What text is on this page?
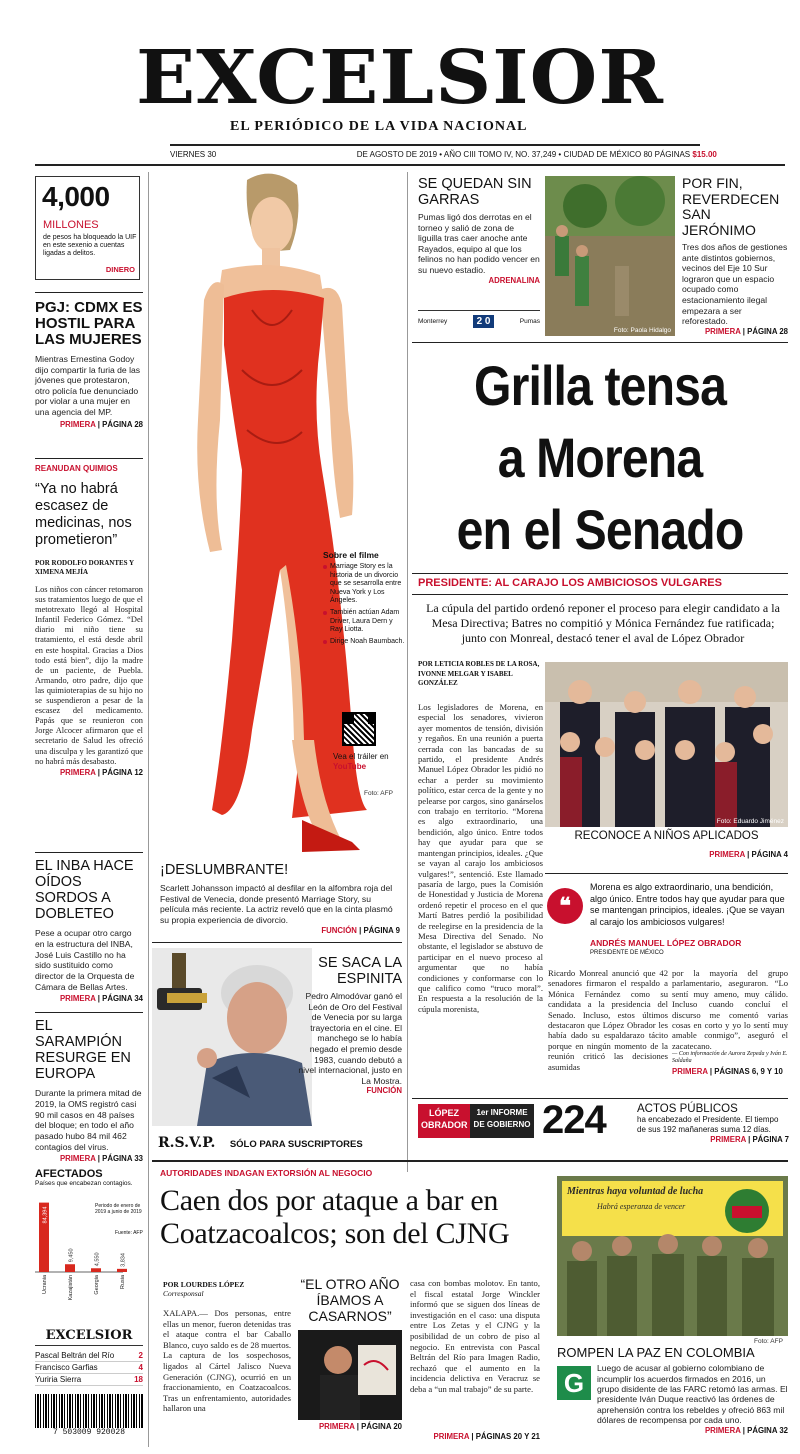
EXCELSIOR
EL PERIÓDICO DE LA VIDA NACIONAL
VIERNES 30	DE AGOSTO DE 2019 • AÑO CIII TOMO IV, NO. 37,249 • CIUDAD DE MÉXICO 80 PÁGINAS $15.00
4,000
MILLONES
de pesos ha bloqueado la UIF en este sexenio a cuentas ligadas a delitos.
DINERO
PGJ: CDMX ES HOSTIL PARA LAS MUJERES
Mientras Ernestina Godoy dijo compartir la furia de las jóvenes que protestaron, otro policía fue denunciado por violar a una mujer en una agencia del MP.
PRIMERA | PÁGINA 28
REANUDAN QUIMIOS
“Ya no habrá escasez de medicinas, nos prometieron”
POR RODOLFO DORANTES Y XIMENA MEJÍA
Los niños con cáncer retomaron sus tratamientos luego de que el metotrexato llegó al Hospital Infantil Federico Gómez. “Del diario mi niño tiene su tratamiento, el está desde abril en este hospital. Gracias a Dios todo está bien”, dijo la madre de un paciente, de Puebla. Armando, otro padre, dijo que las quimioterapias de su hijo no se suspendieron a pesar de la escasez del medicamento. Papás que se reunieron con Jorge Alcocer afirmaron que el secretario de Salud les ofreció una disculpa y les garantizó que no habrá más desabasto.
PRIMERA | PÁGINA 12
EL INBA HACE OÍDOS SORDOS A DOBLETEO
Pese a ocupar otro cargo en la estructura del INBA, José Luis Castillo no ha sido sustituido como director de la Orquesta de Cámara de Bellas Artes.
PRIMERA | PÁGINA 34
EL SARAMPIÓN RESURGE EN EUROPA
Durante la primera mitad de 2019, la OMS registró casi 90 mil casos en 48 países del bloque; en todo el año pasado hubo 84 mil 462 contagios del virus.
PRIMERA | PÁGINA 33
AFECTADOS
Países que encabezan contagios.
Periodo de enero de 2019 a junio de 2019
Fuente: AFP
84,394
Ucrania
9,450
Kazajistán
4,550
Georgia
3,834
Rusia
EXCELSIOR
Pascal Beltrán del Río	2
Francisco Garfias	4
Yuriria Sierra	18
7 503009 920028
Sobre el filme
Marriage Story es la historia de un divorcio que se sesarrolla entre Nueva York y Los Ángeles.
También actúan Adam Driver, Laura Dern y Ray Liotta.
Dirige Noah Baumbach.
Vea el tráiler en
YouTube
Foto: AFP
¡DESLUMBRANTE!
Scarlett Johansson impactó al desfilar en la alfombra roja del Festival de Venecia, donde presentó Marriage Story, su película más reciente. La actriz reveló que en la cinta plasmó su propia experiencia de divorcio.
FUNCIÓN | PÁGINA 9
SE SACA LA ESPINITA
Pedro Almodóvar ganó el León de Oro del Festival de Venecia por su larga trayectoria en el cine. El manchego se lo había negado el premio desde 1983, cuando debutó a nivel internacional, justo en La Mostra.
FUNCIÓN
R.S.V.P. SÓLO PARA SUSCRIPTORES
SE QUEDAN SIN GARRAS
Pumas ligó dos derrotas en el torneo y salió de zona de liguilla tras caer anoche ante Rayados, equipo al que los felinos no han podido vencer en su nuevo estadio.
ADRENALINA
Monterrey	2 0	Pumas
Foto: Paola Hidalgo
POR FIN, REVERDECEN SAN JERÓNIMO
Tres dos años de gestiones ante distintos gobiernos, vecinos del Eje 10 Sur lograron que un espacio ocupado como estacionamiento ilegal empezara a ser reforestado.
PRIMERA | PÁGINA 28
Grilla tensa
a Morena
en el Senado
PRESIDENTE: AL CARAJO LOS AMBICIOSOS VULGARES
La cúpula del partido ordenó reponer el proceso para elegir candidato a la Mesa Directiva; Batres no compitió y Mónica Fernández fue ratificada; junto con Monreal, destacó tener el aval de López Obrador
POR LETICIA ROBLES DE LA ROSA, IVONNE MELGAR Y ISABEL GONZÁLEZ
Los legisladores de Morena, en especial los senadores, vivieron ayer momentos de tensión, división y regaños. En una reunión a puerta cerrada con las bancadas de su partido, el presidente Andrés Manuel López Obrador les pidió no echar a perder su movimiento político, estar cerca de la gente y no pelearse por cargos, sino ganárselos con trabajo en territorio. “Morena es algo extraordinario, una bendición, algo único. Entre todos hay que ayudar para que se mantengan principios, ideales. ¿Que se vayan al carajo los ambiciosos vulgares!”, sentenció. Este llamado pasaría de largo, pues la Comisión de Honestidad y Justicia de Morena ordenó repetir el proceso en el que Martí Batres perdió la posibilidad de reelegirse en la presidencia de la Mesa Directiva del Senado. No obstante, el legislador se abstuvo de participar en el nuevo proceso al argumentar que no había condiciones y conformarse con lo que califico como “truco moral”. En respuesta a la resolución de la cúpula morenista,
Foto: Eduardo Jiménez
RECONOCE A NIÑOS APLICADOS
PRIMERA | PÁGINA 4
❝
Morena es algo extraordinario, una bendición, algo único. Entre todos hay que ayudar para que se mantengan principios, ideales. ¡Que se vayan al carajo los ambiciosos vulgares!
ANDRÉS MANUEL LÓPEZ OBRADOR
PRESIDENTE DE MÉXICO
Ricardo Monreal anunció que 42 senadores firmaron el respaldo a Mónica Fernández como su candidata a la presidencia del Senado. Incluso, estos últimos destacaron que López Obrador les había dado su espaldarazo tácito porque en ningún momento de la reunión criticó las decisiones asumidas
por la mayoría del grupo parlamentario, aseguraron. “Lo sentí muy ameno, muy cálido. Incluso cuando concluí el discurso me comentó varias cosas en corto y yo lo sentí muy amable conmigo”, aseguró el zacatecano.
— Con información de Aurora Zepeda y Iván E. Saldaña
PRIMERA | PÁGINAS 6, 9 Y 10
LÓPEZ OBRADOR
1er INFORME DE GOBIERNO 224	ACTOS PÚBLICOS
ha encabezado el Presidente. El tiempo de sus 192 mañaneras suma 12 días.
PRIMERA | PÁGINA 7
AUTORIDADES INDAGAN EXTORSIÓN AL NEGOCIO
Caen dos por ataque a bar en Coatzacoalcos; son del CJNG
POR LOURDES LÓPEZ
Corresponsal
XALAPA.— Dos personas, entre ellas un menor, fueron detenidas tras el ataque contra el bar Caballo Blanco, cuyo saldo es de 28 muertos. La captura de los sospechosos, ligados al Cártel Jalisco Nueva Generación (CJNG), ocurrió en un fraccionamiento, en Coatzacoalcos. Tras un enfrentamiento, autoridades hallaron una
“EL OTRO AÑO ÍBAMOS A CASARNOS”
PRIMERA | PÁGINA 20
casa con bombas molotov. En tanto, el fiscal estatal Jorge Winckler informó que se siguen dos líneas de investigación en el caso: una disputa entre Los Zetas y el CJNG y la posibilidad de un cobro de piso al negocio. En entrevista con Pascal Beltrán del Río para Imagen Radio, rechazó que el aumento en la incidencia delictiva en Veracruz se deba a “un mal trabajo” de su parte.
PRIMERA | PÁGINAS 20 Y 21
Mientras haya voluntad de lucha
Habrá esperanza de vencer
Foto: AFP
ROMPEN LA PAZ EN COLOMBIA
G	Luego de acusar al gobierno colombiano de incumplir los acuerdos firmados en 2016, un grupo disidente de las FARC retomó las armas. El presidente Iván Duque reactivó las órdenes de aprehensión contra los rebeldes y ofreció 863 mil dólares de recompensa por cada uno.
PRIMERA | PÁGINA 32
